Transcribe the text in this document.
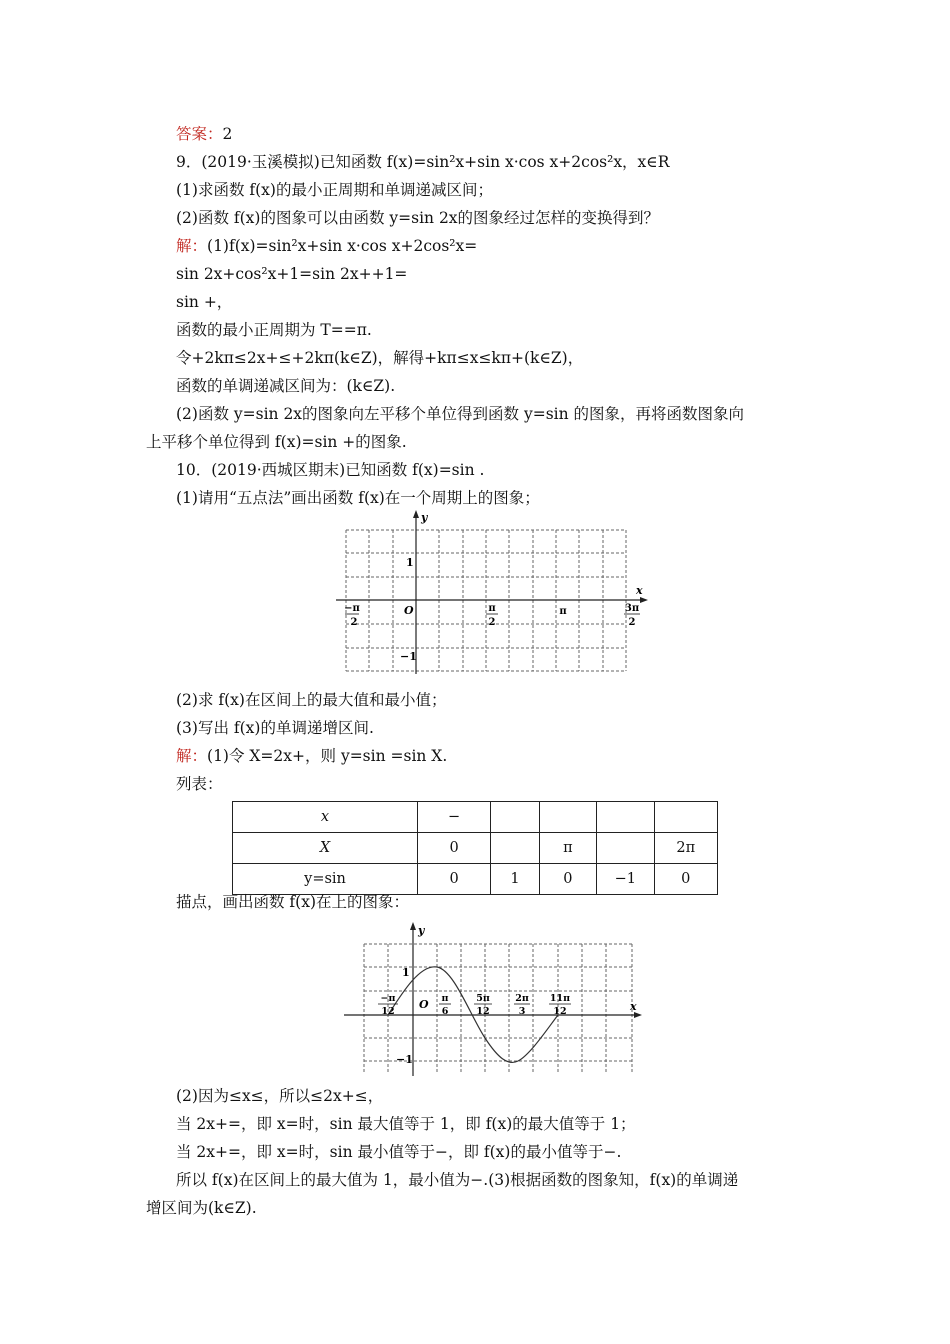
答案：2
9．(2019·玉溪模拟)已知函数 f(x)=sin²x+sin x·cos x+2cos²x，x∈R
(1)求函数 f(x)的最小正周期和单调递减区间；
(2)函数 f(x)的图象可以由函数 y=sin 2x的图象经过怎样的变换得到？
解：(1)f(x)=sin²x+sin x·cos x+2cos²x=
sin 2x+cos²x+1=sin 2x++1=
sin +，
函数的最小正周期为 T==π.
令+2kπ≤2x+≤+2kπ(k∈Z)，解得+kπ≤x≤kπ+(k∈Z)，
函数的单调递减区间为：(k∈Z).
(2)函数 y=sin 2x的图象向左平移个单位得到函数 y=sin 的图象，再将函数图象向
上平移个单位得到 f(x)=sin +的图象.
10．(2019·西城区期末)已知函数 f(x)=sin .
(1)请用“五点法”画出函数 f(x)在一个周期上的图象；
y
x
1
−1
O
−π
2
π
2
π	3π
2
(2)求 f(x)在区间上的最大值和最小值；
(3)写出 f(x)的单调递增区间.
解：(1)令 X=2x+，则 y=sin =sin X.
列表：
x	−				
X	0		π		2π
y=sin	0	1	0	−1	0
描点，画出函数 f(x)在上的图象：
y
x
1
−1
O
−π
12
π
6
5π
12
2π
3
11π
12
(2)因为≤x≤，所以≤2x+≤，
当 2x+=，即 x=时，sin 最大值等于 1，即 f(x)的最大值等于 1；
当 2x+=，即 x=时，sin 最小值等于−，即 f(x)的最小值等于−.
所以 f(x)在区间上的最大值为 1，最小值为−.(3)根据函数的图象知，f(x)的单调递
增区间为(k∈Z).
